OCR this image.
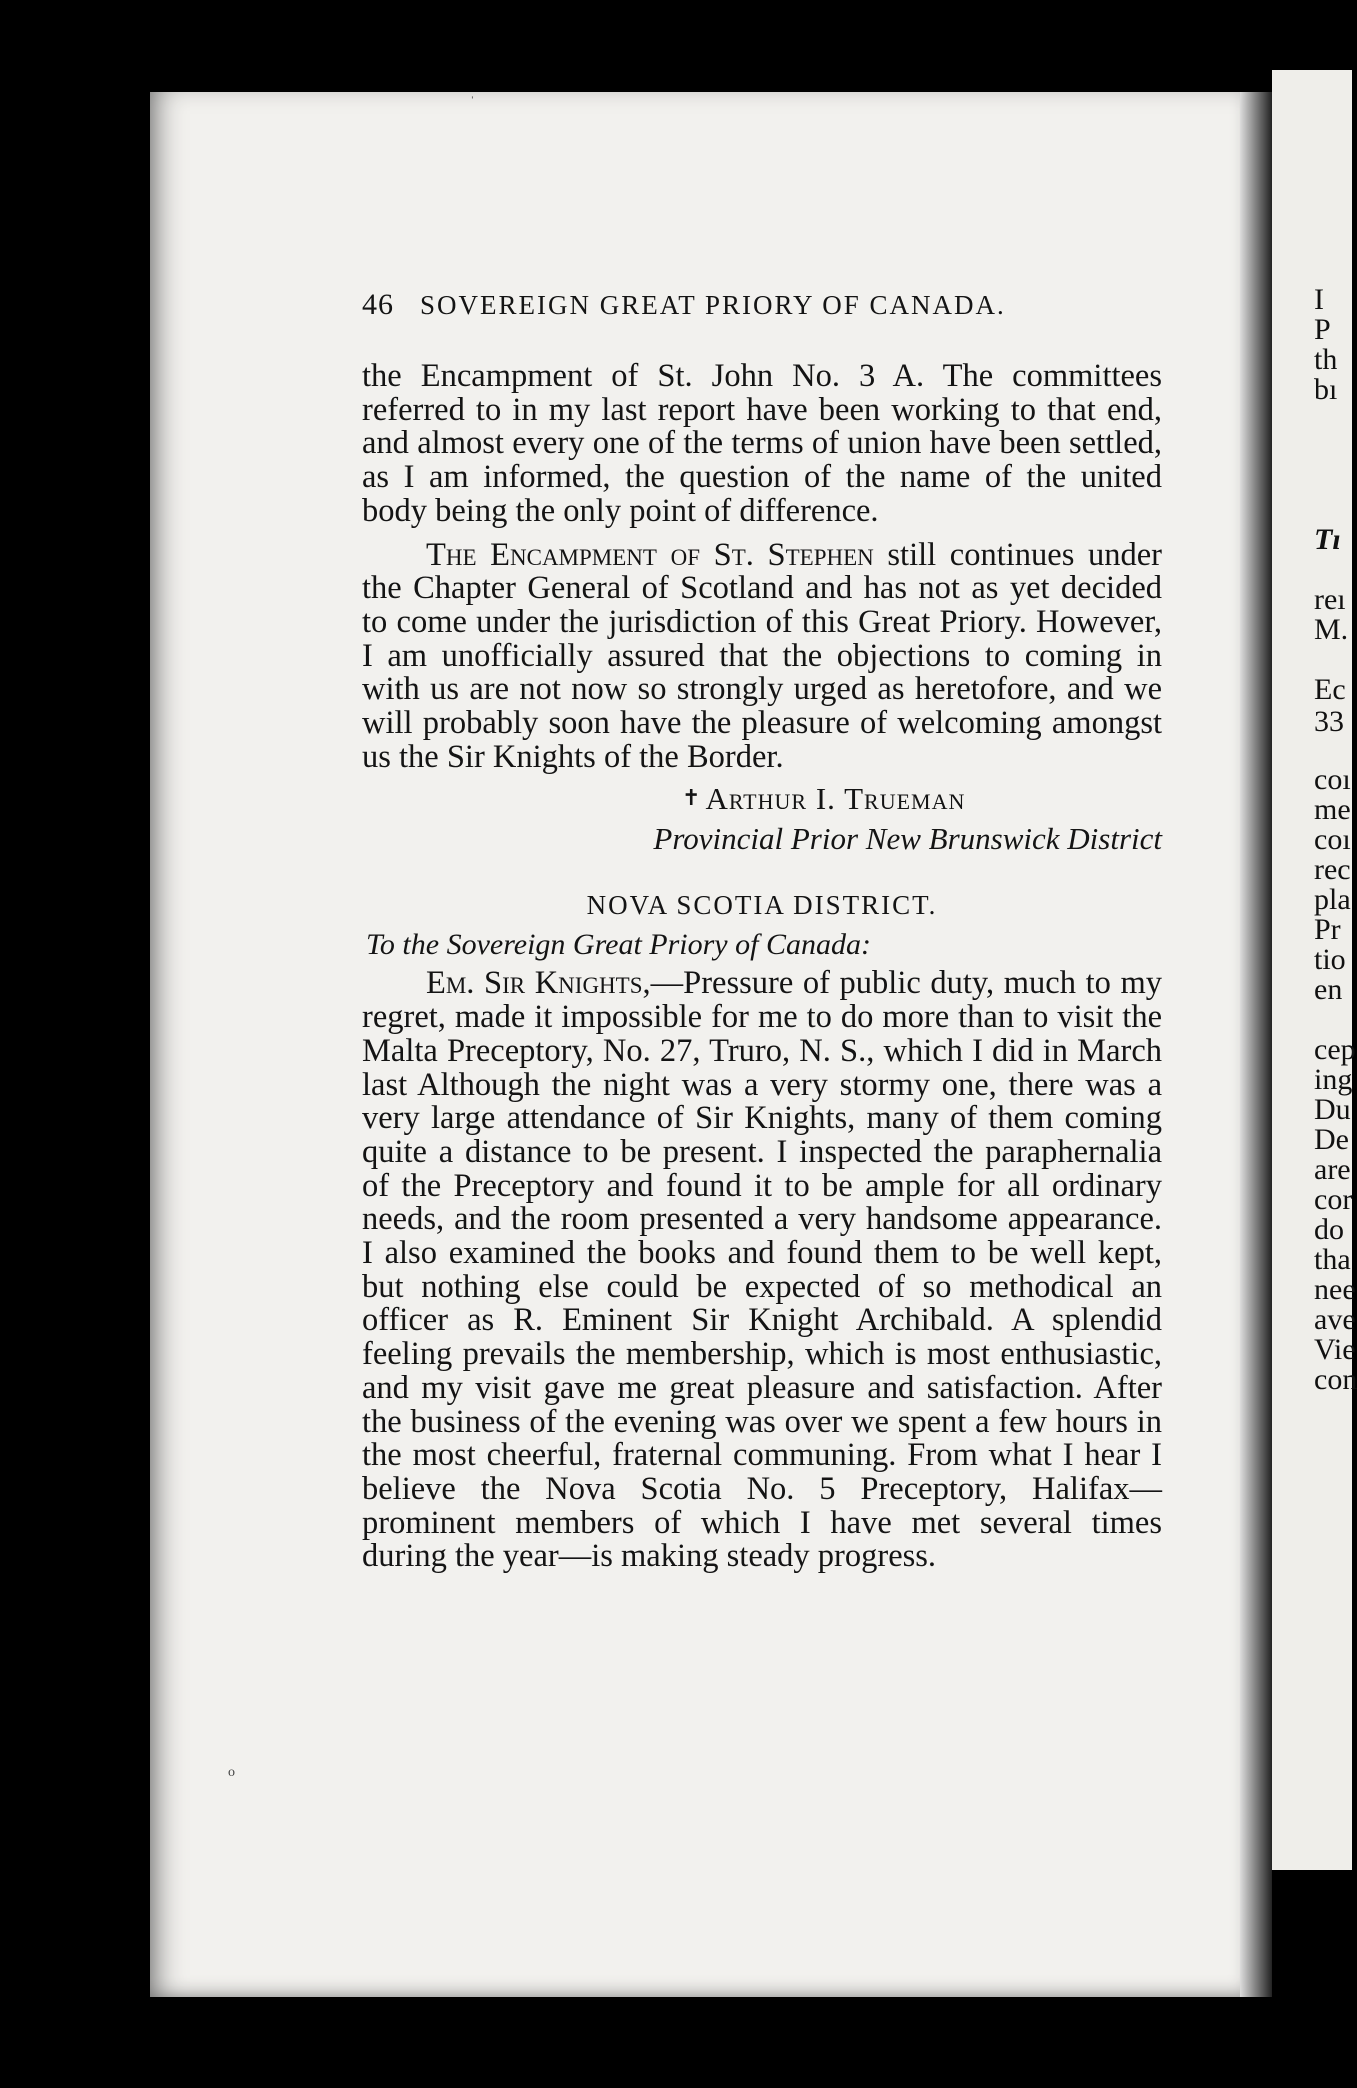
I
P
th
bı
Tı
reı
M.
Ec
33
coı
me
coı
rec
pla
Pr
tio
en
cep
ing
Du
De
are
cor
do
tha
nee
ave
Vie
con
ˈ
o
46 SOVEREIGN GREAT PRIORY OF CANADA.

the Encampment of St. John No. 3 A. The committees referred to in my last report have been working to that end, and almost every one of the terms of union have been settled, as I am informed, the question of the name of the united body being the only point of difference.

The Encampment of St. Stephen still continues under the Chapter General of Scotland and has not as yet decided to come under the jurisdiction of this Great Priory. However, I am unofficially assured that the objections to coming in with us are not now so strongly urged as heretofore, and we will probably soon have the pleasure of welcoming amongst us the Sir Knights of the Border.

✝ Arthur I. Trueman
Provincial Prior New Brunswick District
NOVA SCOTIA DISTRICT.
To the Sovereign Great Priory of Canada:

Em. Sir Knights,—Pressure of public duty, much to my regret, made it impossible for me to do more than to visit the Malta Preceptory, No. 27, Truro, N. S., which I did in March last Although the night was a very stormy one, there was a very large attendance of Sir Knights, many of them coming quite a distance to be present. I inspected the paraphernalia of the Preceptory and found it to be ample for all ordinary needs, and the room presented a very handsome appearance. I also examined the books and found them to be well kept, but nothing else could be expected of so methodical an officer as R. Eminent Sir Knight Archibald. A splendid feeling prevails the membership, which is most enthusiastic, and my visit gave me great pleasure and satisfaction. After the business of the evening was over we spent a few hours in the most cheerful, fraternal communing. From what I hear I believe the Nova Scotia No. 5 Preceptory, Halifax—prominent members of which I have met several times during the year—is making steady progress.
